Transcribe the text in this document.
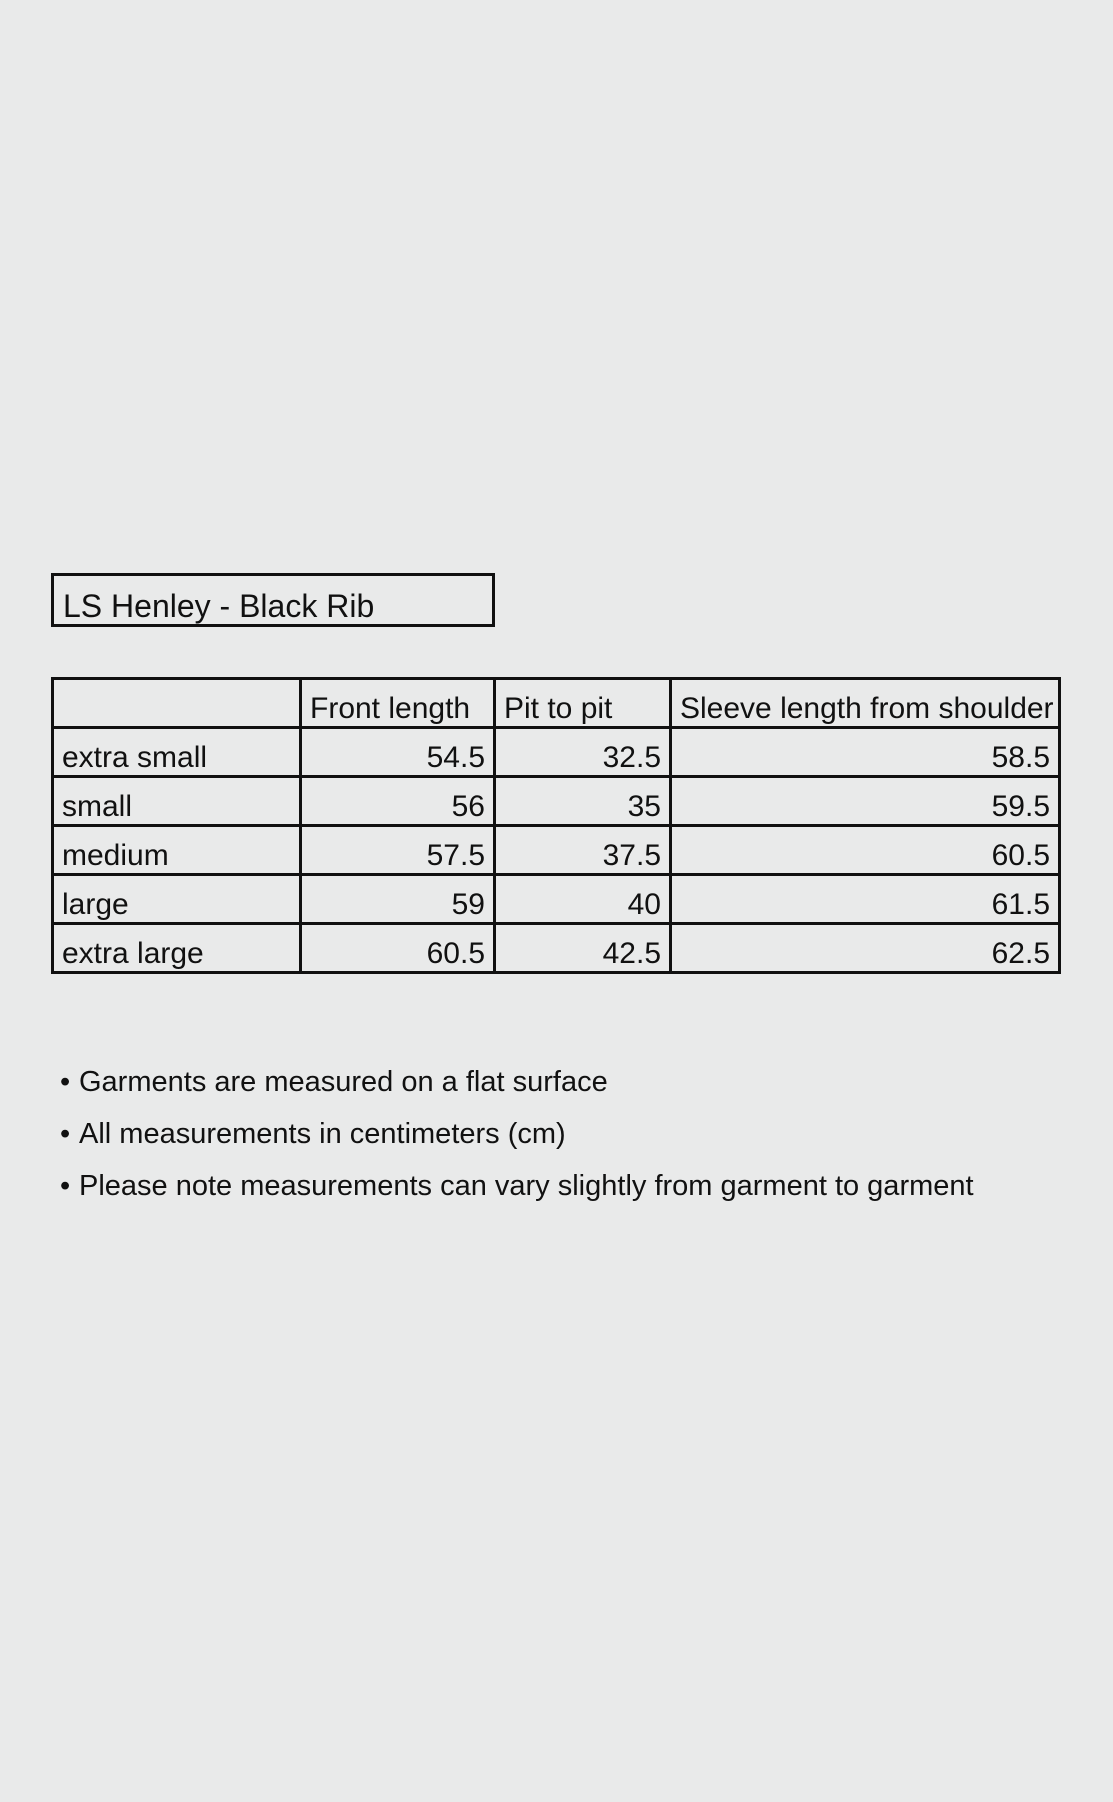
LS Henley - Black Rib
	Front length	Pit to pit	Sleeve length from shoulder
extra small	54.5	32.5	58.5
small	56	35	59.5
medium	57.5	37.5	60.5
large	59	40	61.5
extra large	60.5	42.5	62.5
• Garments are measured on a flat surface
• All measurements in centimeters (cm)
• Please note measurements can vary slightly from garment to garment
